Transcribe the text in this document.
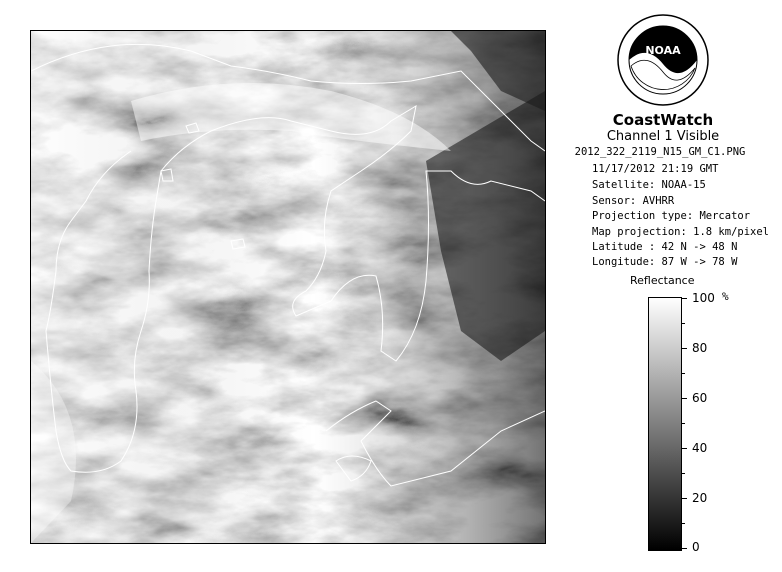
NOAA
CoastWatch
Channel 1 Visible
2012_322_2119_N15_GM_C1.PNG
11/17/2012 21:19 GMT
Satellite: NOAA-15
Sensor: AVHRR
Projection type: Mercator
Map projection: 1.8 km/pixel
Latitude : 42 N -> 48 N
Longitude: 87 W -> 78 W
Reflectance
%
100
80
60
40
20
0
